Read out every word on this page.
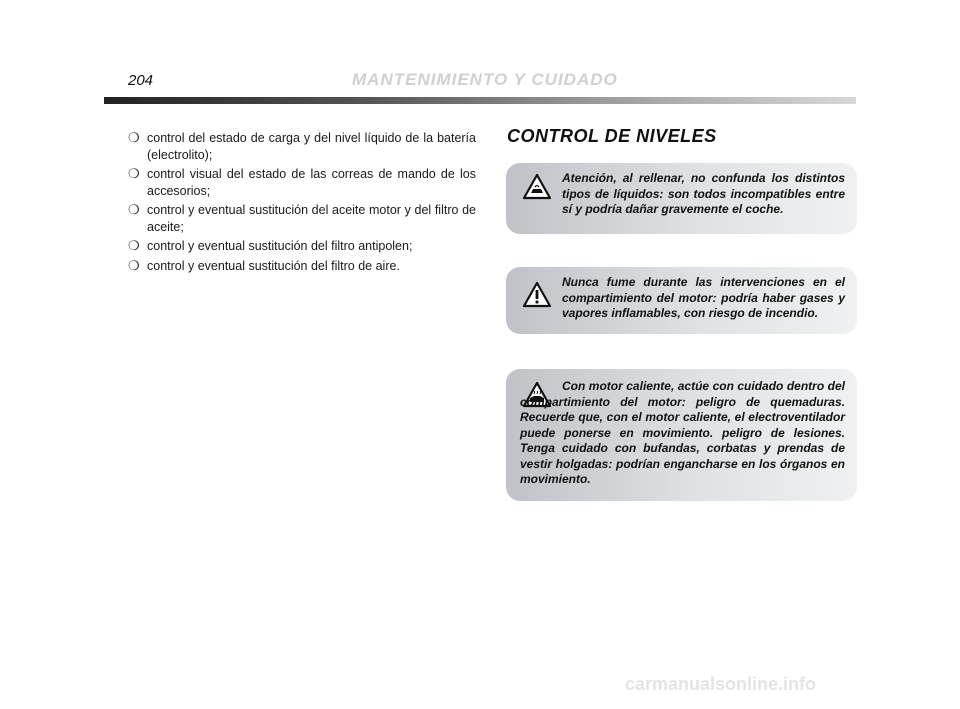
204	MANTENIMIENTO Y CUIDADO
❍ control del estado de carga y del nivel líquido de la batería (electrolito);
❍ control visual del estado de las correas de mando de los accesorios;
❍ control y eventual sustitución del aceite motor y del filtro de aceite;
❍ control y eventual sustitución del filtro antipolen;
❍ control y eventual sustitución del filtro de aire.
CONTROL DE NIVELES
Atención, al rellenar, no confunda los distintos tipos de líquidos: son todos incompatibles entre sí y podría dañar gravemente el coche.
Nunca fume durante las intervenciones en el compartimiento del motor: podría haber gases y vapores inflamables, con riesgo de incendio.
Con motor caliente, actúe con cuidado dentro del compartimiento del motor: peligro de quemaduras. Recuerde que, con el motor caliente, el electroventilador puede ponerse en movimiento. peligro de lesiones. Tenga cuidado con bufandas, corbatas y prendas de vestir holgadas: podrían engancharse en los órganos en movimiento.
carmanualsonline.info
